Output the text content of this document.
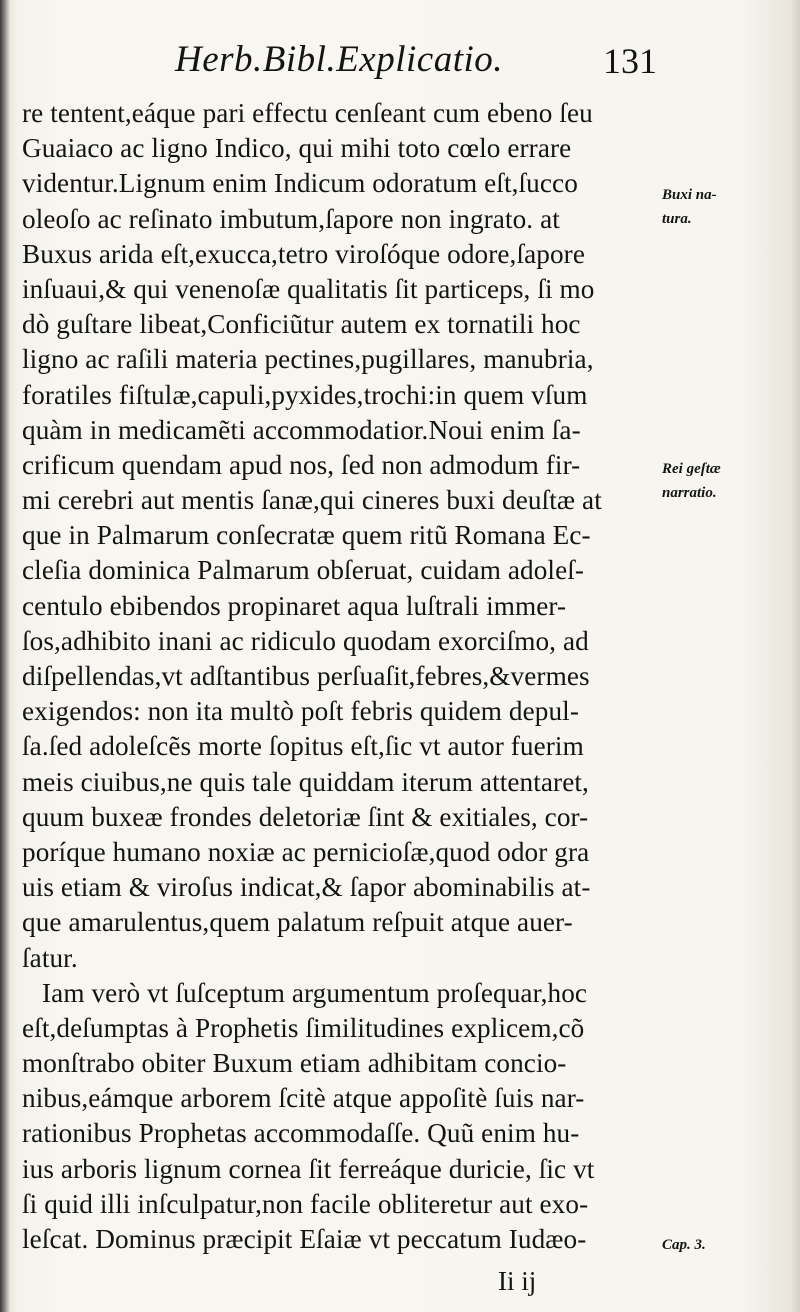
Herb.Bibl.Explicatio.	131
re tentent,eáque pari effectu cenſeant cum ebeno ſeu
Guaiaco ac ligno Indico, qui mihi toto cœlo errare
videntur.Lignum enim Indicum odoratum eſt,ſucco
oleoſo ac reſinato imbutum,ſapore non ingrato. at
Buxus arida eſt,exucca,tetro viroſóque odore,ſapore
inſuaui,& qui venenoſæ qualitatis ſit particeps, ſi mo
dò guſtare libeat,Conficiũtur autem ex tornatili hoc
ligno ac raſili materia pectines,pugillares, manubria,
foratiles fiſtulæ,capuli,pyxides,trochi:in quem vſum
quàm in medicamẽti accommodatior.Noui enim ſa-
crificum quendam apud nos, ſed non admodum fir-
mi cerebri aut mentis ſanæ,qui cineres buxi deuſtæ at
que in Palmarum conſecratæ quem ritũ Romana Ec-
cleſia dominica Palmarum obſeruat, cuidam adoleſ-
centulo ebibendos propinaret aqua luſtrali immer-
ſos,adhibito inani ac ridiculo quodam exorciſmo, ad
diſpellendas,vt adſtantibus perſuaſit,febres,&vermes
exigendos: non ita multò poſt febris quidem depul-
ſa.ſed adoleſcẽs morte ſopitus eſt,ſic vt autor fuerim
meis ciuibus,ne quis tale quiddam iterum attentaret,
quum buxeæ frondes deletoriæ ſint & exitiales, cor-
poríque humano noxiæ ac pernicioſæ,quod odor gra
uis etiam & viroſus indicat,& ſapor abominabilis at-
que amarulentus,quem palatum reſpuit atque auer-
ſatur.
Iam verò vt ſuſceptum argumentum proſequar,hoc
eſt,deſumptas à Prophetis ſimilitudines explicem,cõ
monſtrabo obiter Buxum etiam adhibitam concio-
nibus,eámque arborem ſcitè atque appoſitè ſuis nar-
rationibus Prophetas accommodaſſe. Quũ enim hu-
ius arboris lignum cornea ſit ferreáque duricie, ſic vt
ſi quid illi inſculpatur,non facile obliteretur aut exo-
leſcat. Dominus præcipit Eſaiæ vt peccatum Iudæo-
Buxi na-
tura.
Rei geſtæ
narratio.
Cap. 3.
Ii ij
